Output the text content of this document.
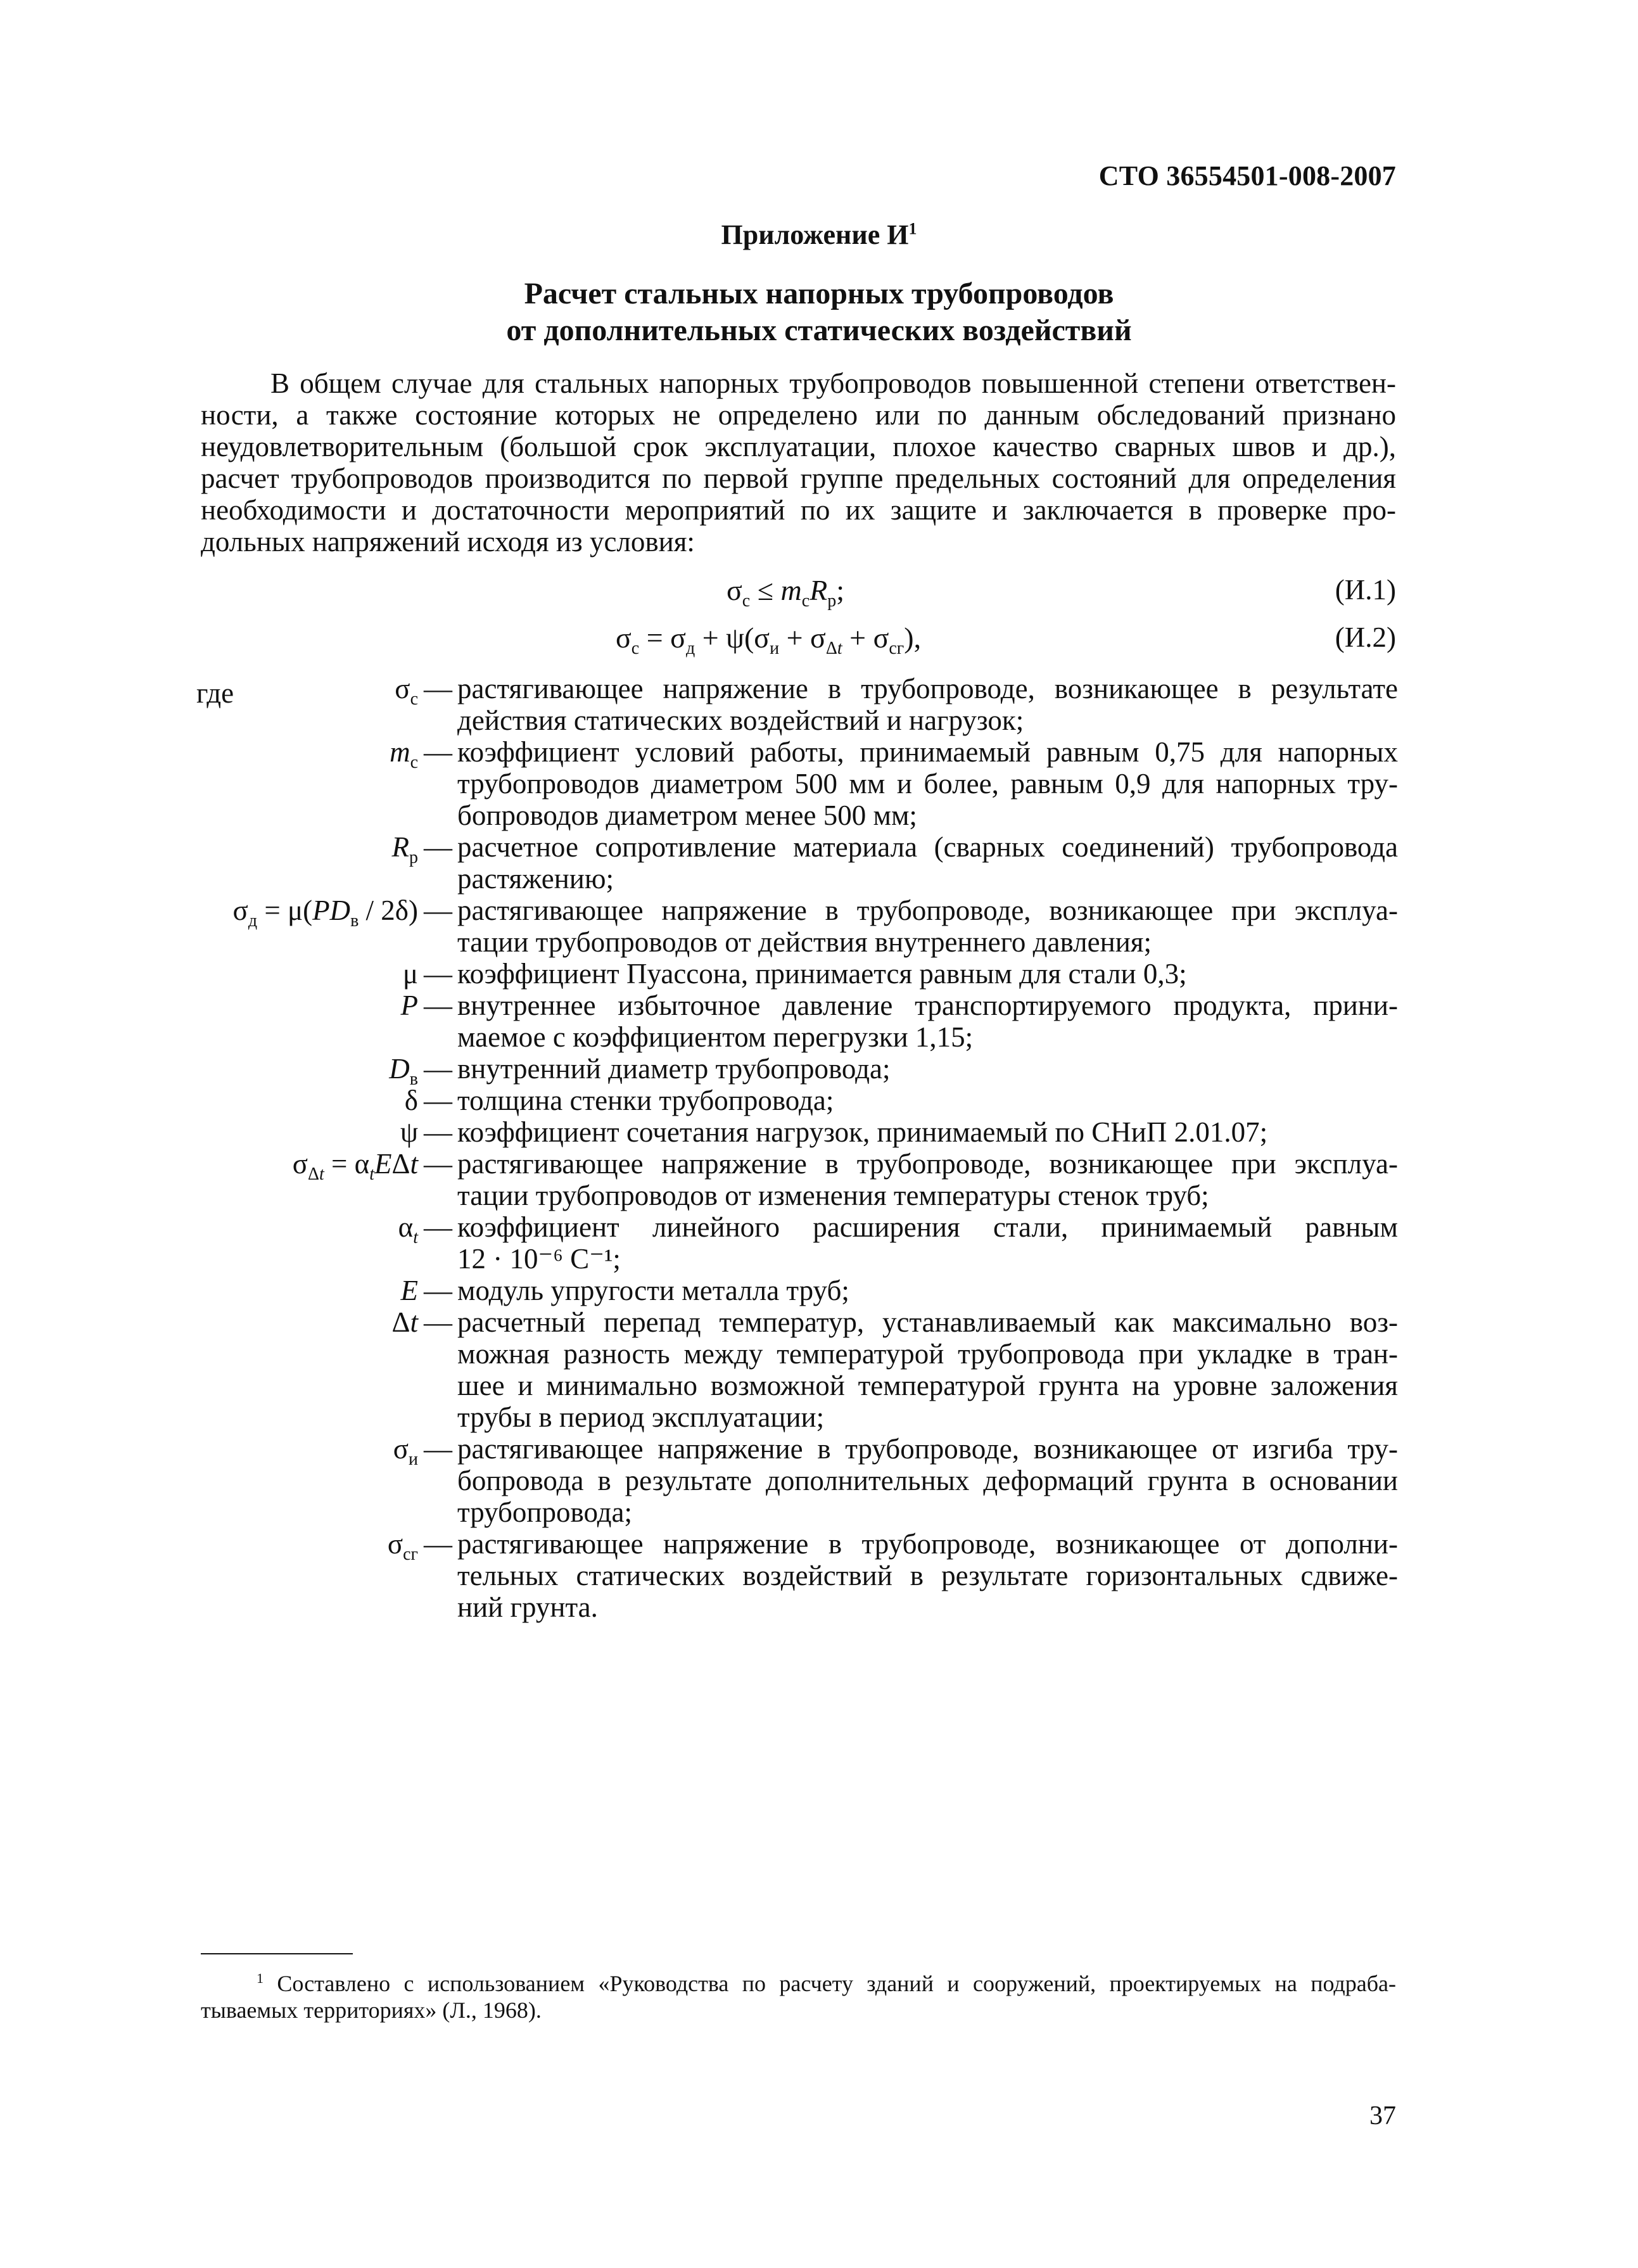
СТО 36554501-008-2007
Приложение $И^1$
Расчет стальных напорных трубопроводов
от дополнительных статических воздействий
В общем случае для стальных напорных трубопроводов повышенной степени ответствен-
ности, а также состояние которых не определено или по данным обследований признано
неудовлетворительным (большой срок эксплуатации, плохое качество сварных швов и др.),
расчет трубопроводов производится по первой группе предельных состояний для определения
необходимости и достаточности мероприятий по их защите и заключается в проверке про-
дольных напряжений исходя из условия:
$\sigma_с \le m_сR_р$;	(И.1)
$\sigma_с = \sigma_д + \psi(\sigma_и + \sigma_{\Delta t} + \sigma_{сг})$,	(И.2)
где	$\sigma_с$ — растягивающее напряжение в трубопроводе, возникающее в результате
действия статических воздействий и нагрузок;
$m_с$ — коэффициент условий работы, принимаемый равным 0,75 для напорных
трубопроводов диаметром 500 мм и более, равным 0,9 для напорных тру-
бопроводов диаметром менее 500 мм;
$R_р$ — расчетное сопротивление материала (сварных соединений) трубопровода
растяжению;
$\sigma_д = \mu(PD_в / 2\delta)$ — растягивающее напряжение в трубопроводе, возникающее при эксплуа-
тации трубопроводов от действия внутреннего давления;
μ — коэффициент Пуассона, принимается равным для стали 0,3;
P — внутреннее избыточное давление транспортируемого продукта, прини-
маемое с коэффициентом перегрузки 1,15;
$D_в$ — внутренний диаметр трубопровода;
δ — толщина стенки трубопровода;
ψ — коэффициент сочетания нагрузок, принимаемый по СНиП 2.01.07;
$\sigma_{\Delta t} = \alpha_tE\Delta t$ — растягивающее напряжение в трубопроводе, возникающее при эксплуа-
тации трубопроводов от изменения температуры стенок труб;
$\alpha_t$ — коэффициент линейного расширения стали, принимаемый равным
12 · 10⁻⁶ С⁻¹;
E — модуль упругости металла труб;
Δt — расчетный перепад температур, устанавливаемый как максимально воз-
можная разность между температурой трубопровода при укладке в тран-
шее и минимально возможной температурой грунта на уровне заложения
трубы в период эксплуатации;
$\sigma_и$ — растягивающее напряжение в трубопроводе, возникающее от изгиба тру-
бопровода в результате дополнительных деформаций грунта в основании
трубопровода;
$\sigma_{сг}$ — растягивающее напряжение в трубопроводе, возникающее от дополни-
тельных статических воздействий в результате горизонтальных сдвиже-
ний грунта.
$^1$ Составлено с использованием «Руководства по расчету зданий и сооружений, проектируемых на подраба-
тываемых территориях» (Л., 1968).
37
